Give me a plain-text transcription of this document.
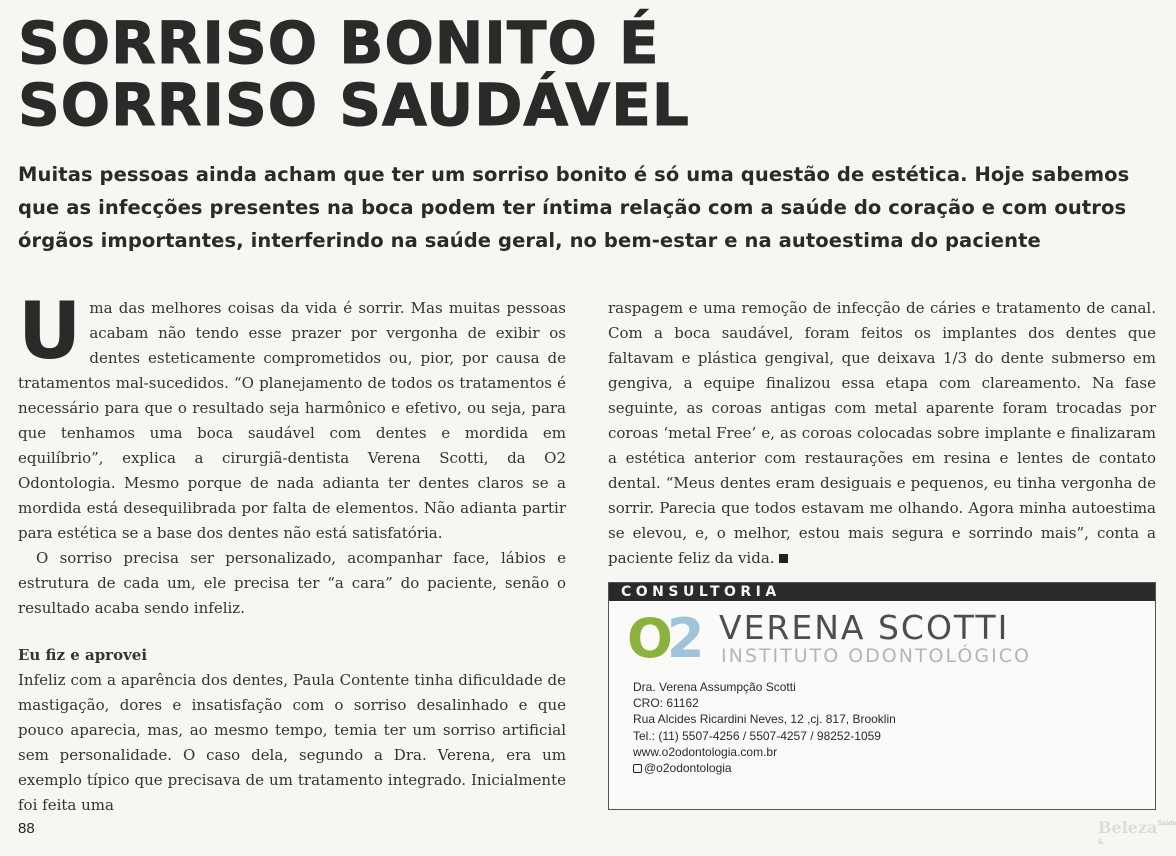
SORRISO BONITO É
SORRISO SAUDÁVEL

Muitas pessoas ainda acham que ter um sorriso bonito é só uma questão de estética. Hoje sabemos que as infecções presentes na boca podem ter íntima relação com a saúde do coração e com outros órgãos importantes, interferindo na saúde geral, no bem-estar e na autoestima do paciente

Uma das melhores coisas da vida é sorrir. Mas muitas pessoas acabam não tendo esse prazer por vergonha de exibir os dentes esteticamente comprometidos ou, pior, por causa de tratamentos mal-sucedidos. “O planejamento de todos os tratamentos é necessário para que o resultado seja harmônico e efetivo, ou seja, para que tenhamos uma boca saudável com dentes e mordida em equilíbrio”, explica a cirurgiã-dentista Verena Scotti, da O2 Odontologia. Mesmo porque de nada adianta ter dentes claros se a mordida está desequilibrada por falta de elementos. Não adianta partir para estética se a base dos dentes não está satisfatória.

O sorriso precisa ser personalizado, acompanhar face, lábios e estrutura de cada um, ele precisa ter “a cara” do paciente, senão o resultado acaba sendo infeliz.

Eu fiz e aprovei

Infeliz com a aparência dos dentes, Paula Contente tinha dificuldade de mastigação, dores e insatisfação com o sorriso desalinhado e que pouco aparecia, mas, ao mesmo tempo, temia ter um sorriso artificial sem personalidade. O caso dela, segundo a Dra. Verena, era um exemplo típico que precisava de um tratamento integrado. Inicialmente foi feita uma

raspagem e uma remoção de infecção de cáries e tratamento de canal. Com a boca saudável, foram feitos os implantes dos dentes que faltavam e plástica gengival, que deixava 1/3 do dente submerso em gengiva, a equipe finalizou essa etapa com clareamento. Na fase seguinte, as coroas antigas com metal aparente foram trocadas por coroas ‘metal Free’ e, as coroas colocadas sobre implante e finalizaram a estética anterior com restaurações em resina e lentes de contato dental. “Meus dentes eram desiguais e pequenos, eu tinha vergonha de sorrir. Parecia que todos estavam me olhando. Agora minha autoestima se elevou, e, o melhor, estou mais segura e sorrindo mais”, conta a paciente feliz da vida.

CONSULTORIA
O2 VERENA SCOTTI
INSTITUTO ODONTOLÓGICO
Dra. Verena Assumpção Scotti
CRO: 61162
Rua Alcides Ricardini Neves, 12 ,cj. 817, Brooklin
Tel.: (11) 5507-4256 / 5507-4257 / 98252-1059
www.o2odontologia.com.br
@o2odontologia
88	Beleza$^{Saúde \&}$
